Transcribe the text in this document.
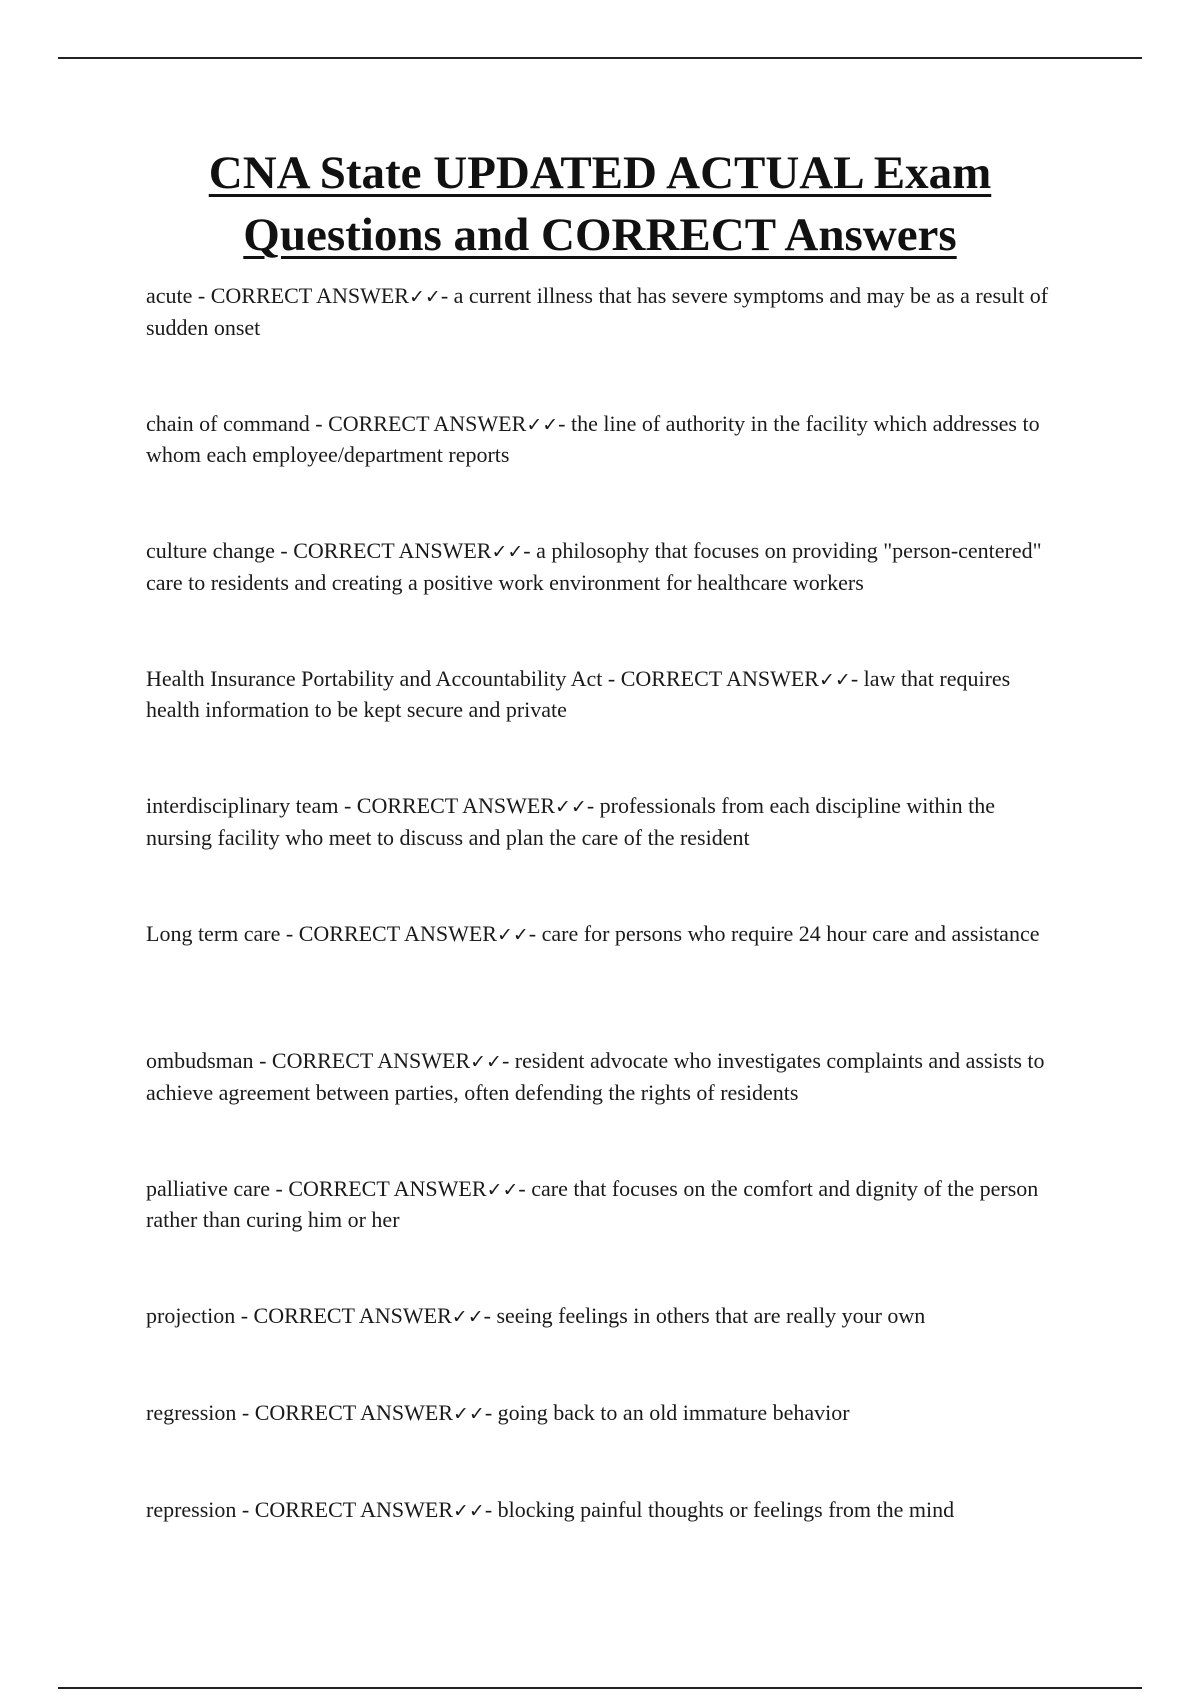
CNA State UPDATED ACTUAL Exam
Questions and CORRECT Answers

acute - CORRECT ANSWER✓✓- a current illness that has severe symptoms and may be as a result of sudden onset

chain of command - CORRECT ANSWER✓✓- the line of authority in the facility which addresses to whom each employee/department reports

culture change - CORRECT ANSWER✓✓- a philosophy that focuses on providing "person-centered" care to residents and creating a positive work environment for healthcare workers

Health Insurance Portability and Accountability Act - CORRECT ANSWER✓✓- law that requires health information to be kept secure and private

interdisciplinary team - CORRECT ANSWER✓✓- professionals from each discipline within the nursing facility who meet to discuss and plan the care of the resident

Long term care - CORRECT ANSWER✓✓- care for persons who require 24 hour care and assistance

ombudsman - CORRECT ANSWER✓✓- resident advocate who investigates complaints and assists to achieve agreement between parties, often defending the rights of residents

palliative care - CORRECT ANSWER✓✓- care that focuses on the comfort and dignity of the person rather than curing him or her

projection - CORRECT ANSWER✓✓- seeing feelings in others that are really your own

regression - CORRECT ANSWER✓✓- going back to an old immature behavior

repression - CORRECT ANSWER✓✓- blocking painful thoughts or feelings from the mind
